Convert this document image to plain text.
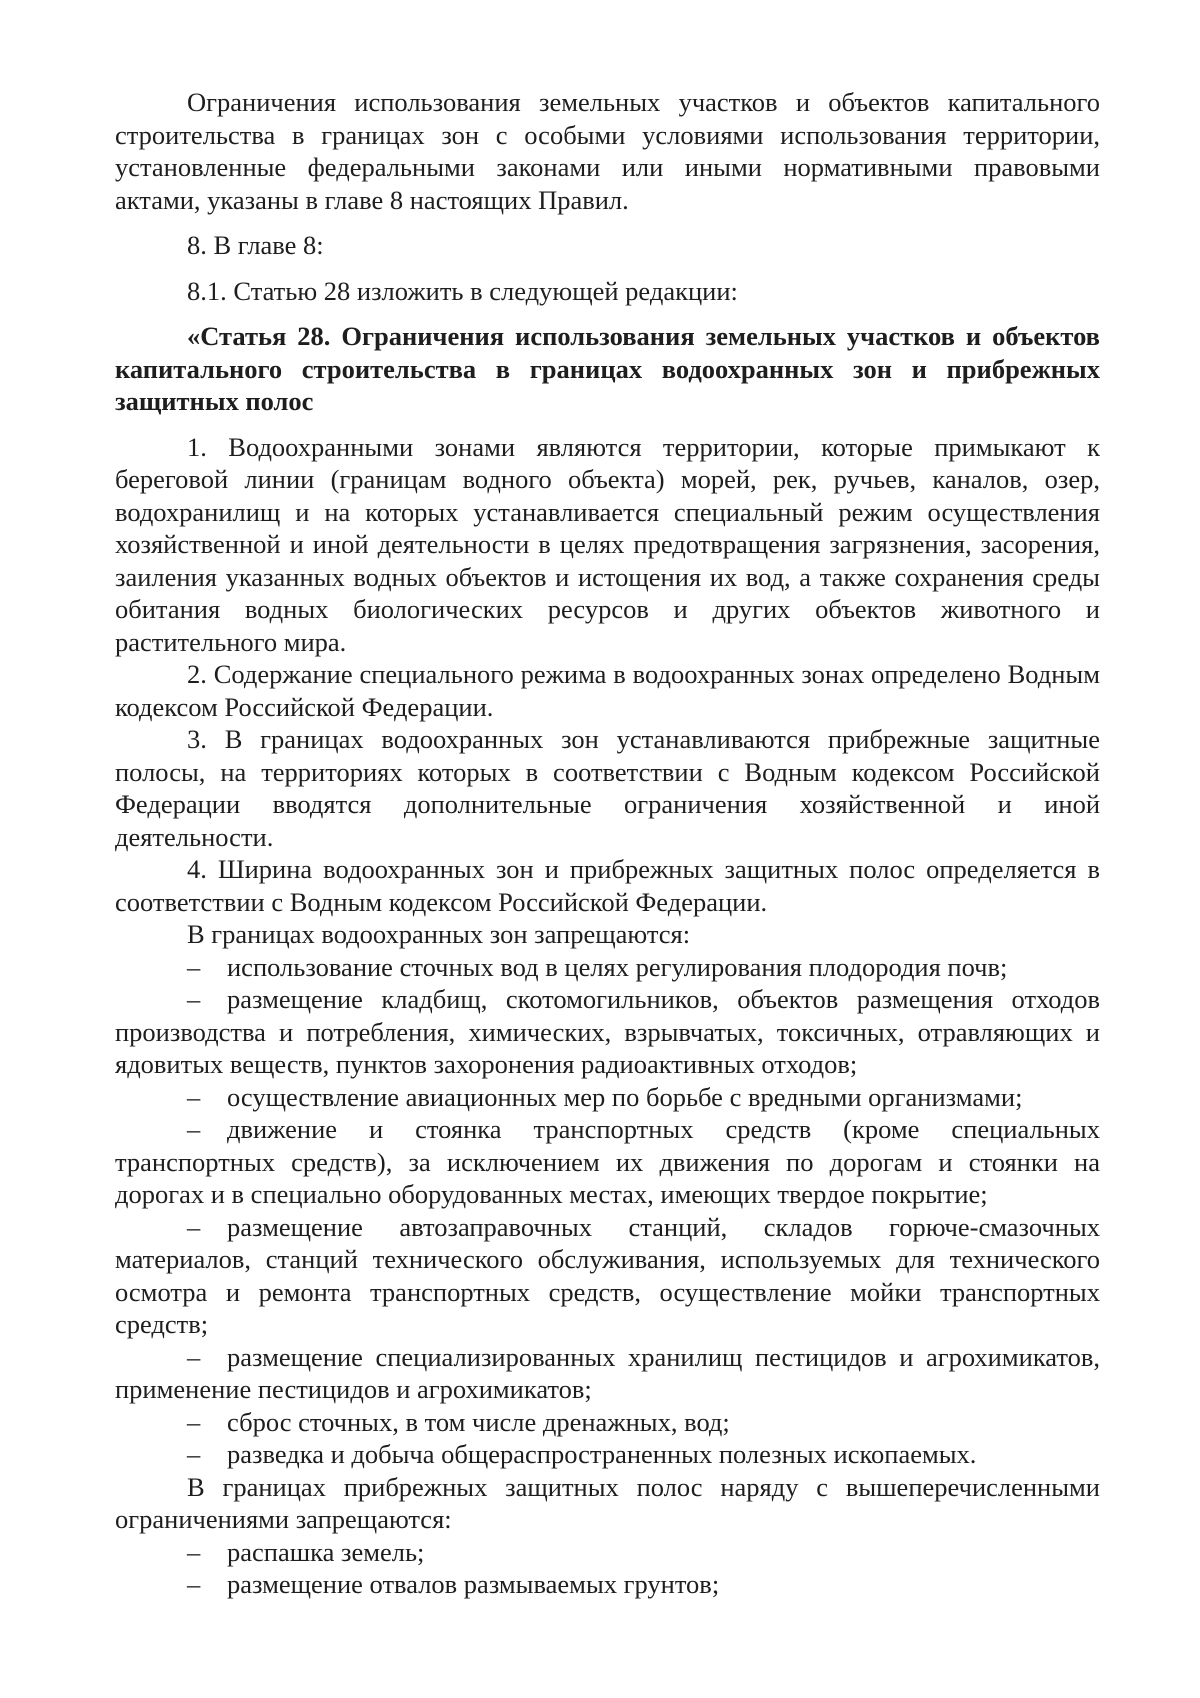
Ограничения использования земельных участков и объектов капитального строительства в границах зон с особыми условиями использования территории, установленные федеральными законами или иными нормативными правовыми актами, указаны в главе 8 настоящих Правил.

8. В главе 8:

8.1. Статью 28 изложить в следующей редакции:

«Статья 28. Ограничения использования земельных участков и объектов капитального строительства в границах водоохранных зон и прибрежных защитных полос

1. Водоохранными зонами являются территории, которые примыкают к береговой линии (границам водного объекта) морей, рек, ручьев, каналов, озер, водохранилищ и на которых устанавливается специальный режим осуществления хозяйственной и иной деятельности в целях предотвращения загрязнения, засорения, заиления указанных водных объектов и истощения их вод, а также сохранения среды обитания водных биологических ресурсов и других объектов животного и растительного мира.

2. Содержание специального режима в водоохранных зонах определено Водным кодексом Российской Федерации.

3. В границах водоохранных зон устанавливаются прибрежные защитные полосы, на территориях которых в соответствии с Водным кодексом Российской Федерации вводятся дополнительные ограничения хозяйственной и иной деятельности.

4. Ширина водоохранных зон и прибрежных защитных полос определяется в соответствии с Водным кодексом Российской Федерации.

В границах водоохранных зон запрещаются:

– использование сточных вод в целях регулирования плодородия почв;

– размещение кладбищ, скотомогильников, объектов размещения отходов производства и потребления, химических, взрывчатых, токсичных, отравляющих и ядовитых веществ, пунктов захоронения радиоактивных отходов;

– осуществление авиационных мер по борьбе с вредными организмами;

– движение и стоянка транспортных средств (кроме специальных транспортных средств), за исключением их движения по дорогам и стоянки на дорогах и в специально оборудованных местах, имеющих твердое покрытие;

– размещение автозаправочных станций, складов горюче-смазочных материалов, станций технического обслуживания, используемых для технического осмотра и ремонта транспортных средств, осуществление мойки транспортных средств;

– размещение специализированных хранилищ пестицидов и агрохимикатов, применение пестицидов и агрохимикатов;

– сброс сточных, в том числе дренажных, вод;

– разведка и добыча общераспространенных полезных ископаемых.

В границах прибрежных защитных полос наряду с вышеперечисленными ограничениями запрещаются:

– распашка земель;

– размещение отвалов размываемых грунтов;
